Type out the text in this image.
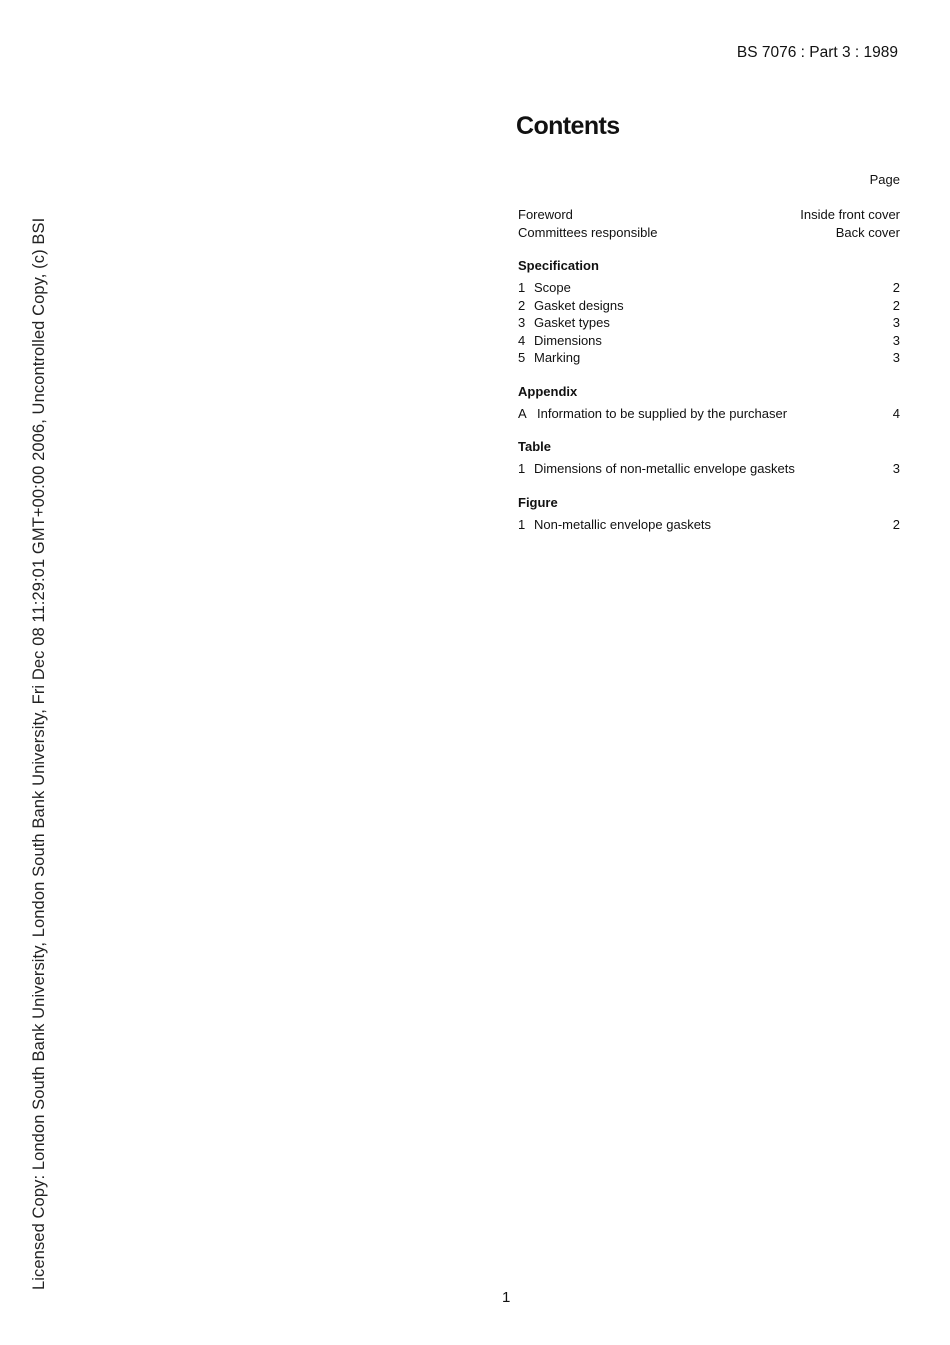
Licensed Copy: London South Bank University, London South Bank University, Fri Dec 08 11:29:01 GMT+00:00 2006, Uncontrolled Copy, (c) BSI
BS 7076 : Part 3 : 1989
Contents
Page
Foreword	Inside front cover
Committees responsible	Back cover
Specification
1 Scope	2
2 Gasket designs	2
3 Gasket types	3
4 Dimensions	3
5 Marking	3
Appendix
A Information to be supplied by the purchaser	4
Table
1 Dimensions of non-metallic envelope gaskets	3
Figure
1 Non-metallic envelope gaskets	2
1
